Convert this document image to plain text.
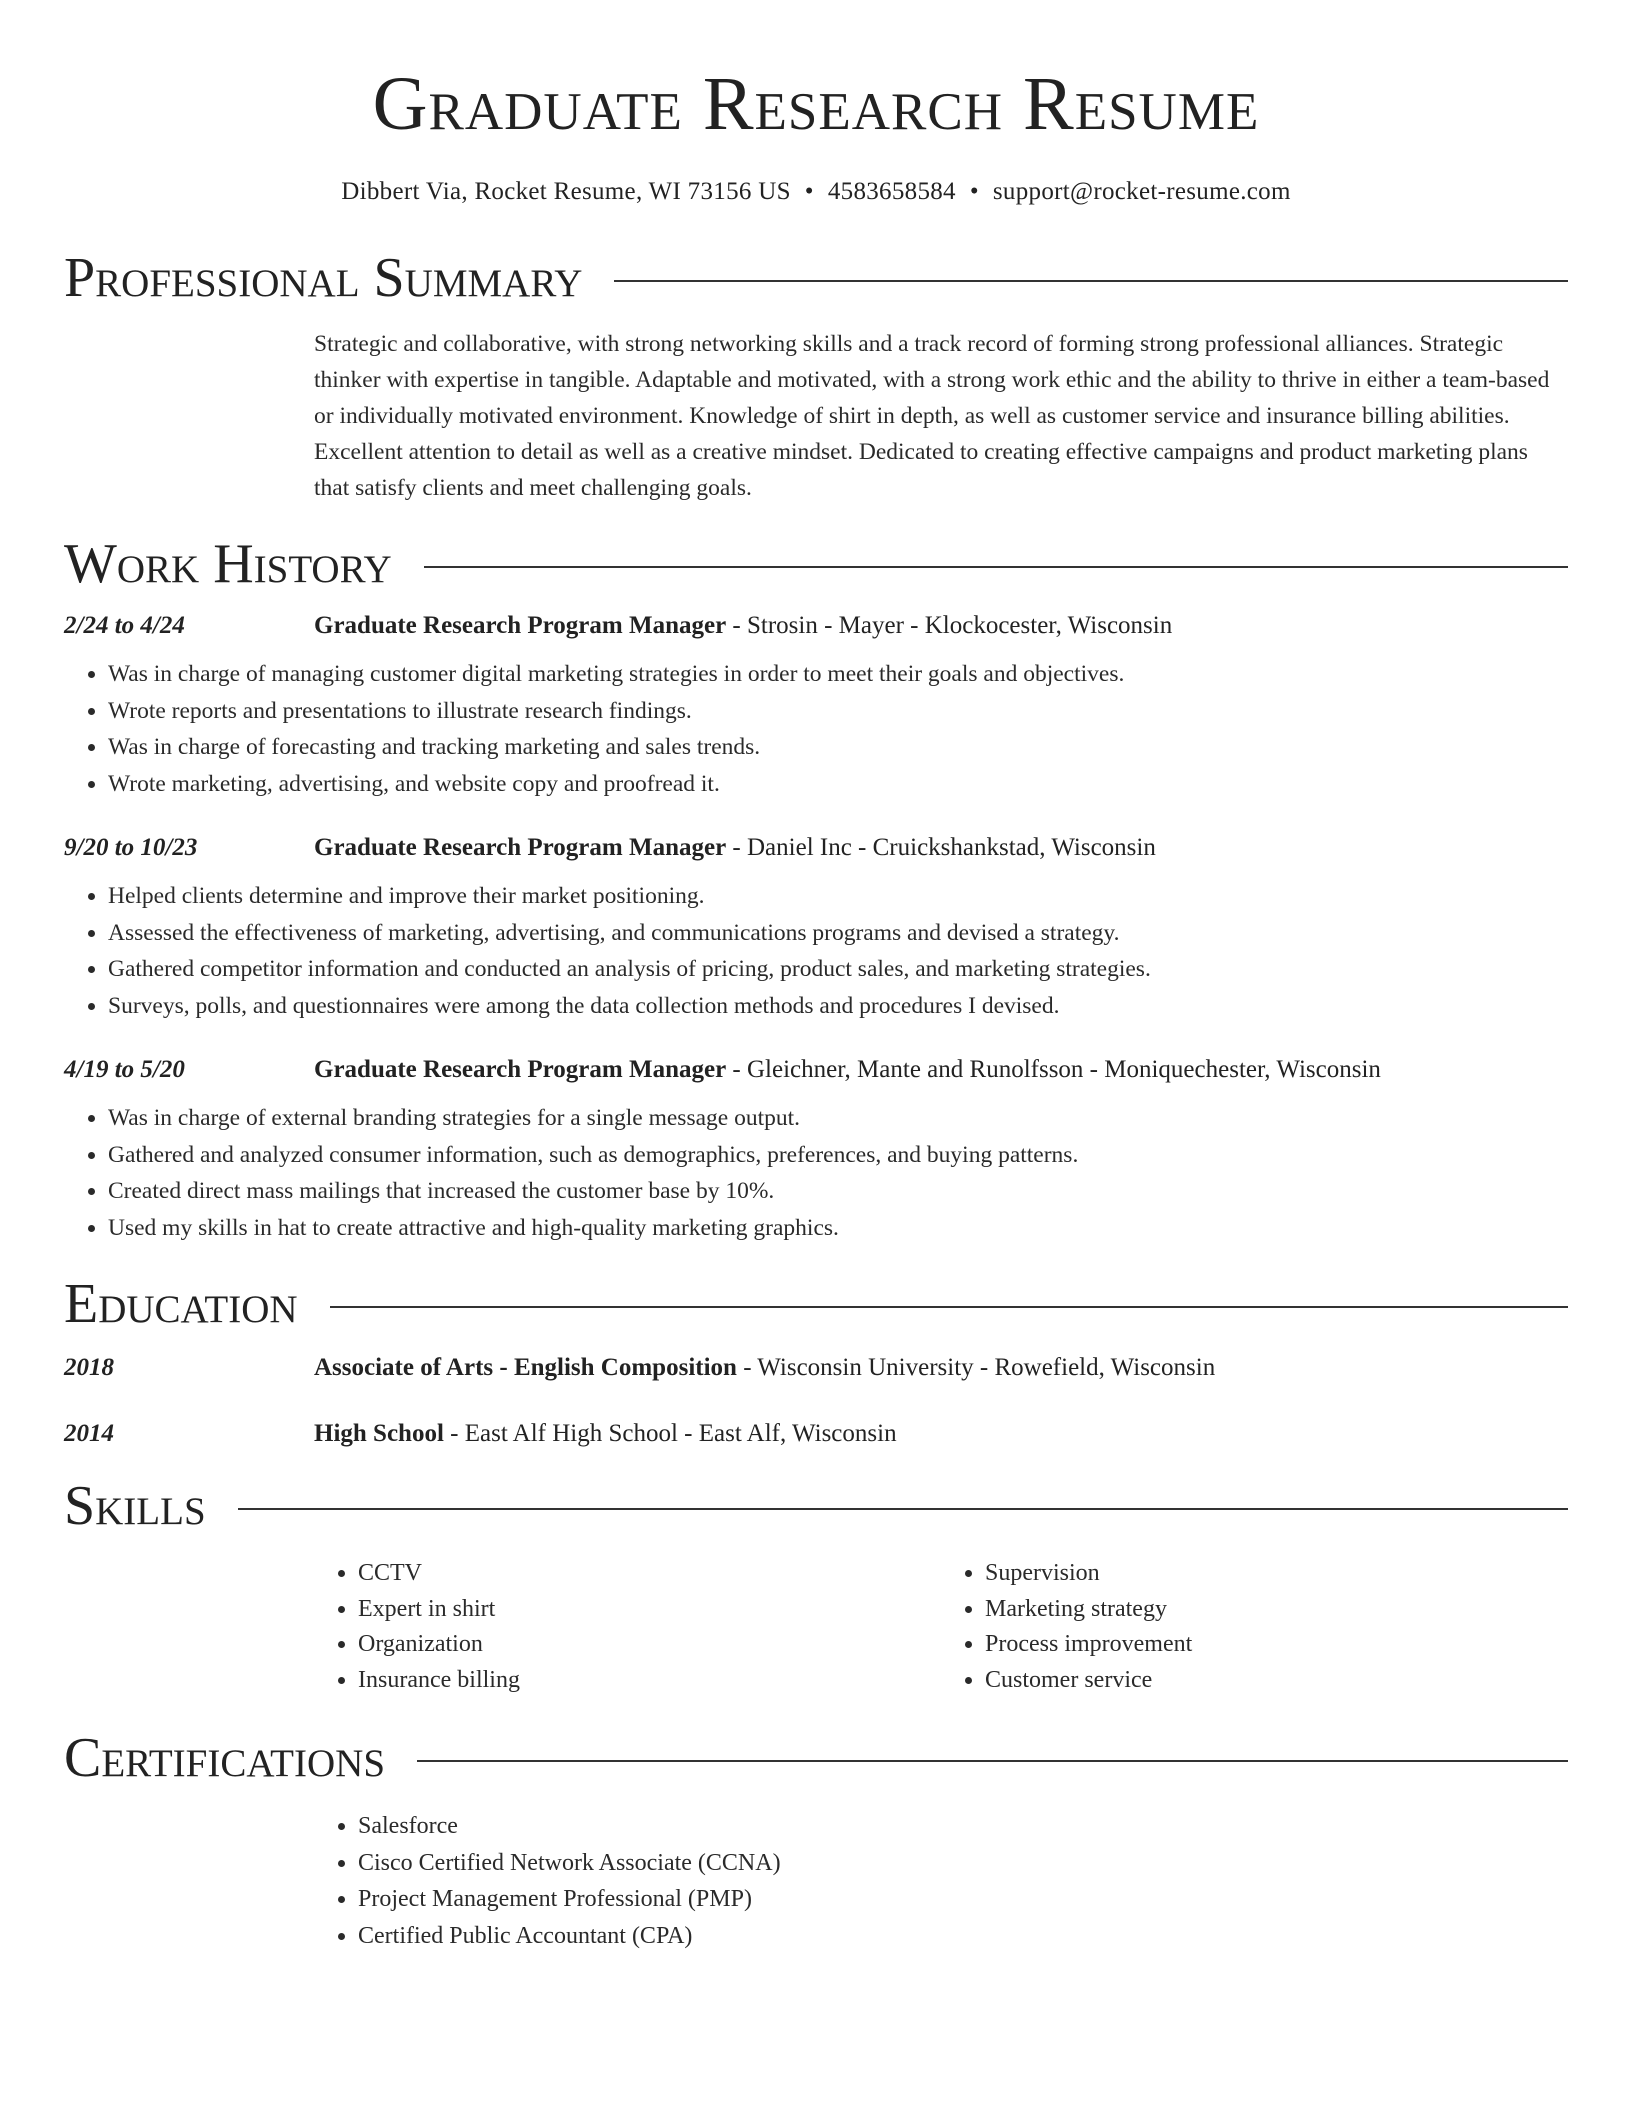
Graduate Research Resume
Dibbert Via, Rocket Resume, WI 73156 US • 4583658584 • support@rocket-resume.com
Professional Summary

Strategic and collaborative, with strong networking skills and a track record of forming strong professional alliances. Strategic thinker with expertise in tangible. Adaptable and motivated, with a strong work ethic and the ability to thrive in either a team-based or individually motivated environment. Knowledge of shirt in depth, as well as customer service and insurance billing abilities. Excellent attention to detail as well as a creative mindset. Dedicated to creating effective campaigns and product marketing plans that satisfy clients and meet challenging goals.

Work History
2/24 to 4/24	Graduate Research Program Manager - Strosin - Mayer - Klockocester, Wisconsin
• Was in charge of managing customer digital marketing strategies in order to meet their goals and objectives.
• Wrote reports and presentations to illustrate research findings.
• Was in charge of forecasting and tracking marketing and sales trends.
• Wrote marketing, advertising, and website copy and proofread it.
9/20 to 10/23	Graduate Research Program Manager - Daniel Inc - Cruickshankstad, Wisconsin
• Helped clients determine and improve their market positioning.
• Assessed the effectiveness of marketing, advertising, and communications programs and devised a strategy.
• Gathered competitor information and conducted an analysis of pricing, product sales, and marketing strategies.
• Surveys, polls, and questionnaires were among the data collection methods and procedures I devised.
4/19 to 5/20	Graduate Research Program Manager - Gleichner, Mante and Runolfsson - Moniquechester, Wisconsin
• Was in charge of external branding strategies for a single message output.
• Gathered and analyzed consumer information, such as demographics, preferences, and buying patterns.
• Created direct mass mailings that increased the customer base by 10%.
• Used my skills in hat to create attractive and high-quality marketing graphics.
Education
2018	Associate of Arts - English Composition - Wisconsin University - Rowefield, Wisconsin
2014	High School - East Alf High School - East Alf, Wisconsin
Skills
• CCTV
• Expert in shirt
• Organization
• Insurance billing
• Supervision
• Marketing strategy
• Process improvement
• Customer service
Certifications
• Salesforce
• Cisco Certified Network Associate (CCNA)
• Project Management Professional (PMP)
• Certified Public Accountant (CPA)
